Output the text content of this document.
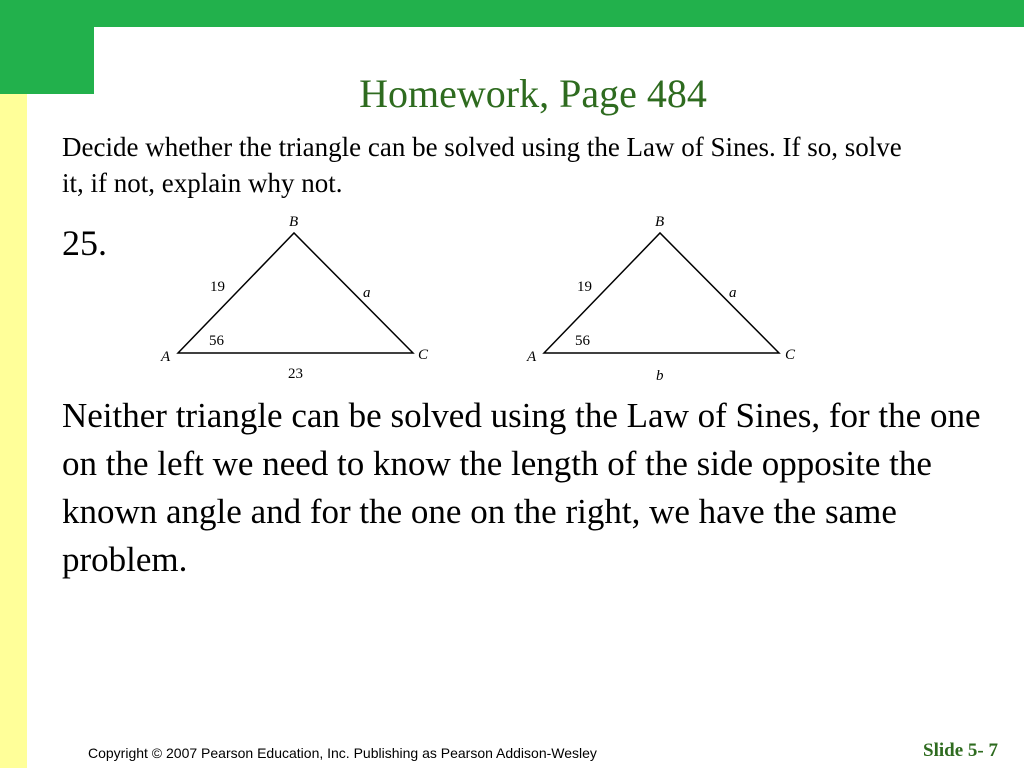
Homework, Page 484
Decide whether the triangle can be solved using the Law of Sines. If so, solve it, if not, explain why not.
25.
B
A	C
19	a
56
23
B
A	C
19	a
56
b
Neither triangle can be solved using the Law of Sines, for the one on the left we need to know the length of the side opposite the known angle and for the one on the right, we have the same problem.
Copyright © 2007 Pearson Education, Inc. Publishing as Pearson Addison-Wesley	Slide 5- 7
